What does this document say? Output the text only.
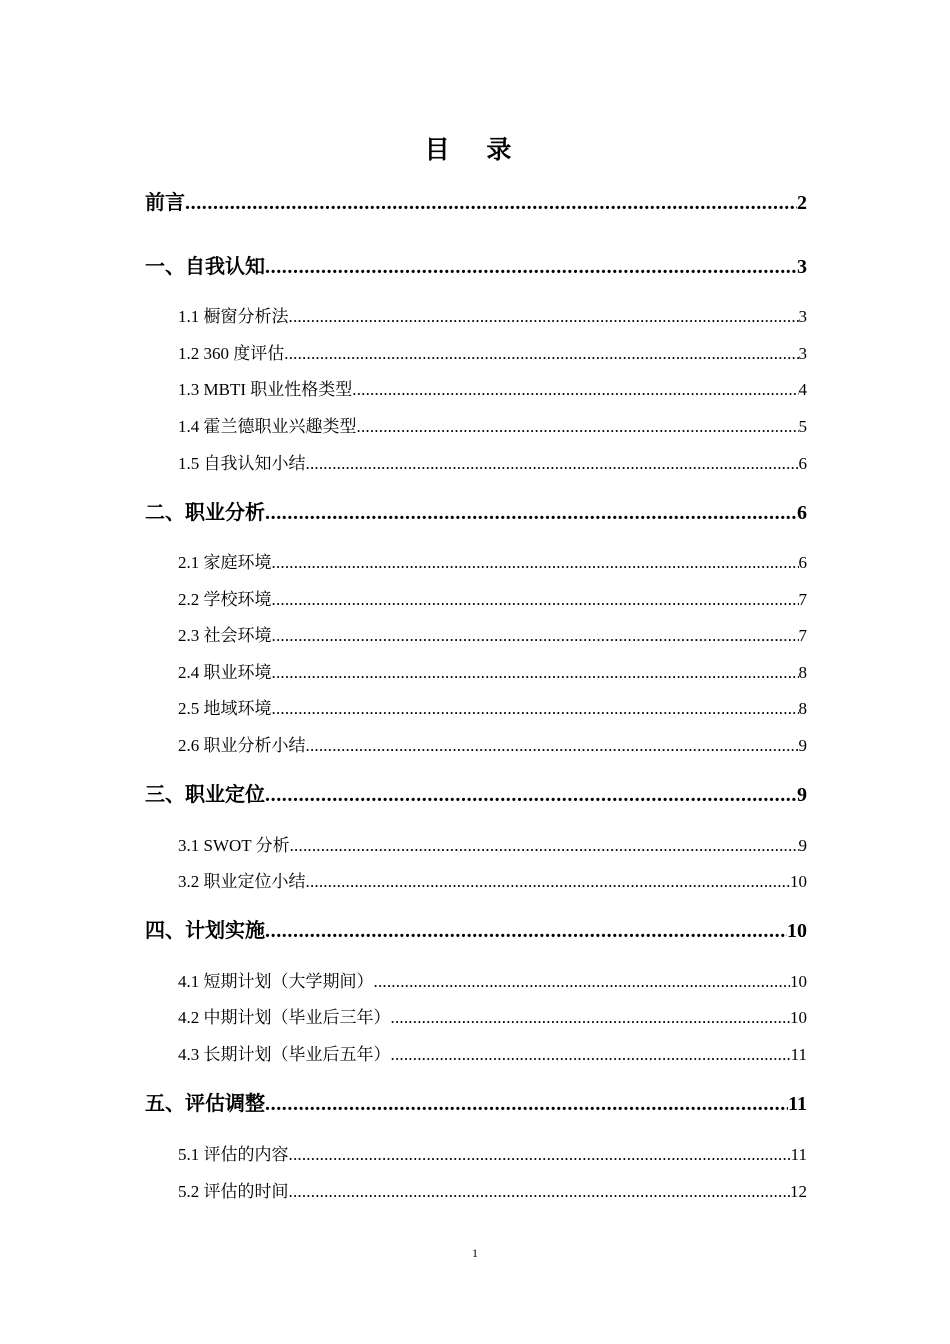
目 录
前言 .....	2
一、自我认知 .....	3
1.1 橱窗分析法 .....	3
1.2 360 度评估 .....	3
1.3 MBTI 职业性格类型 .....	4
1.4 霍兰德职业兴趣类型 .....	5
1.5 自我认知小结 .....	6
二、职业分析 .....	6
2.1 家庭环境 .....	6
2.2 学校环境 .....	7
2.3 社会环境 .....	7
2.4 职业环境 .....	8
2.5 地域环境 .....	8
2.6 职业分析小结 .....	9
三、职业定位 .....	9
3.1 SWOT 分析 .....	9
3.2 职业定位小结 .....	10
四、计划实施 .....	10
4.1 短期计划（大学期间） .....	10
4.2 中期计划（毕业后三年） .....	10
4.3 长期计划（毕业后五年） .....	11
五、评估调整 .....	11
5.1 评估的内容 .....	11
5.2 评估的时间 .....	12
1
